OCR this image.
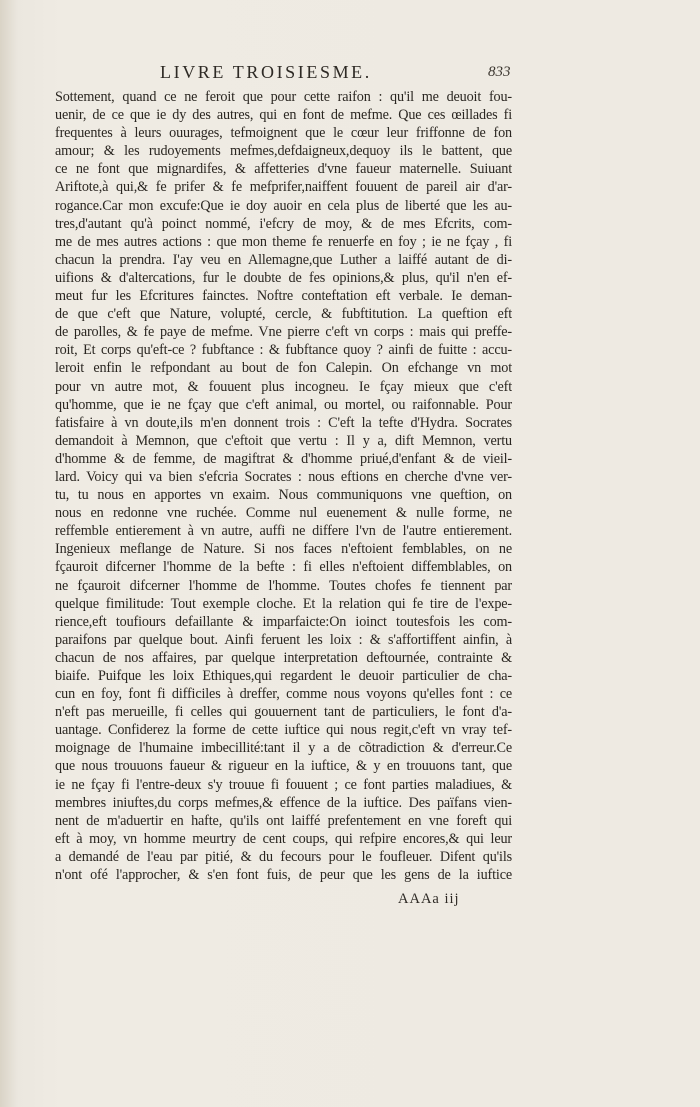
LIVRE TROISIESME.	833
Sottement, quand ce ne feroit que pour cette raifon : qu'il me deuoit fou-
uenir, de ce que ie dy des autres, qui en font de mefme. Que ces œillades fi
frequentes à leurs ouurages, tefmoignent que le cœur leur friffonne de fon
amour; & les rudoyements mefmes,defdaigneux,dequoy ils le battent, que
ce ne font que mignardifes, & affetteries d'vne faueur maternelle. Suiuant
Ariftote,à qui,& fe prifer & fe mefprifer,naiffent fouuent de pareil air d'ar-
rogance.Car mon excufe:Que ie doy auoir en cela plus de liberté que les au-
tres,d'autant qu'à poinct nommé, i'efcry de moy, & de mes Efcrits, com-
me de mes autres actions : que mon theme fe renuerfe en foy ; ie ne fçay , fi
chacun la prendra. I'ay veu en Allemagne,que Luther a laiffé autant de di-
uifions & d'altercations, fur le doubte de fes opinions,& plus, qu'il n'en ef-
meut fur les Efcritures fainctes. Noftre conteftation eft verbale. Ie deman-
de que c'eft que Nature, volupté, cercle, & fubftitution. La queftion eft
de parolles, & fe paye de mefme. Vne pierre c'eft vn corps : mais qui preffe-
roit, Et corps qu'eft-ce ? fubftance : & fubftance quoy ? ainfi de fuitte : accu-
leroit enfin le refpondant au bout de fon Calepin. On efchange vn mot
pour vn autre mot, & fouuent plus incogneu. Ie fçay mieux que c'eft
qu'homme, que ie ne fçay que c'eft animal, ou mortel, ou raifonnable. Pour
fatisfaire à vn doute,ils m'en donnent trois : C'eft la tefte d'Hydra. Socrates
demandoit à Memnon, que c'eftoit que vertu : Il y a, dift Memnon, vertu
d'homme & de femme, de magiftrat & d'homme priué,d'enfant & de vieil-
lard. Voicy qui va bien s'efcria Socrates : nous eftions en cherche d'vne ver-
tu, tu nous en apportes vn exaim. Nous communiquons vne queftion, on
nous en redonne vne ruchée. Comme nul euenement & nulle forme, ne
reffemble entierement à vn autre, auffi ne differe l'vn de l'autre entierement.
Ingenieux meflange de Nature. Si nos faces n'eftoient femblables, on ne
fçauroit difcerner l'homme de la befte : fi elles n'eftoient diffemblables, on
ne fçauroit difcerner l'homme de l'homme. Toutes chofes fe tiennent par
quelque fimilitude: Tout exemple cloche. Et la relation qui fe tire de l'expe-
rience,eft toufiours defaillante & imparfaicte:On ioinct toutesfois les com-
paraifons par quelque bout. Ainfi feruent les loix : & s'affortiffent ainfin, à
chacun de nos affaires, par quelque interpretation deftournée, contrainte &
biaife. Puifque les loix Ethiques,qui regardent le deuoir particulier de cha-
cun en foy, font fi difficiles à dreffer, comme nous voyons qu'elles font : ce
n'eft pas merueille, fi celles qui gouuernent tant de particuliers, le font d'a-
uantage. Confiderez la forme de cette iuftice qui nous regit,c'eft vn vray tef-
moignage de l'humaine imbecillité:tant il y a de cõtradiction & d'erreur.Ce
que nous trouuons faueur & rigueur en la iuftice, & y en trouuons tant, que
ie ne fçay fi l'entre-deux s'y trouue fi fouuent ; ce font parties maladiues, &
membres iniuftes,du corps mefmes,& effence de la iuftice. Des païfans vien-
nent de m'aduertir en hafte, qu'ils ont laiffé prefentement en vne foreft qui
eft à moy, vn homme meurtry de cent coups, qui refpire encores,& qui leur
a demandé de l'eau par pitié, & du fecours pour le foufleuer. Difent qu'ils
n'ont ofé l'approcher, & s'en font fuis, de peur que les gens de la iuftice
AAAa iij
